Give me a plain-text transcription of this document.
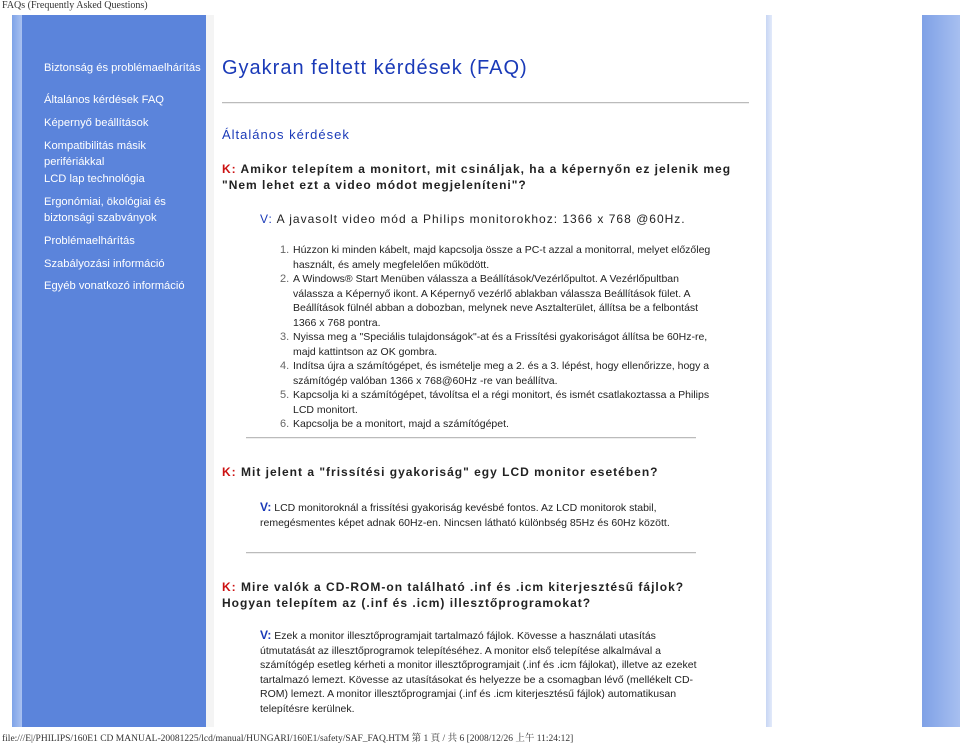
FAQs (Frequently Asked Questions)
Biztonság és problémaelhárítás
Általános kérdések FAQ
Képernyő beállítások
Kompatibilitás másik perifériákkal
LCD lap technológia
Ergonómiai, ökológiai és biztonsági szabványok
Problémaelhárítás
Szabályozási információ
Egyéb vonatkozó információ
Gyakran feltett kérdések (FAQ)
Általános kérdések
K: Amikor telepítem a monitort, mit csináljak, ha a képernyőn ez jelenik meg "Nem lehet ezt a video módot megjeleníteni"?
V: A javasolt video mód a Philips monitorokhoz: 1366 x 768 @60Hz.
1. Húzzon ki minden kábelt, majd kapcsolja össze a PC-t azzal a monitorral, melyet előzőleg használt, és amely megfelelően működött.
2. A Windows® Start Menüben válassza a Beállítások/Vezérlőpultot. A Vezérlőpultban válassza a Képernyő ikont. A Képernyő vezérlő ablakban válassza Beállítások fület. A Beállítások fülnél abban a dobozban, melynek neve Asztalterület, állítsa be a felbontást 1366 x 768 pontra.
3. Nyissa meg a "Speciális tulajdonságok"-at és a Frissítési gyakoriságot állítsa be 60Hz-re, majd kattintson az OK gombra.
4. Indítsa újra a számítógépet, és ismételje meg a 2. és a 3. lépést, hogy ellenőrizze, hogy a számítógép valóban 1366 x 768@60Hz -re van beállítva.
5. Kapcsolja ki a számítógépet, távolítsa el a régi monitort, és ismét csatlakoztassa a Philips LCD monitort.
6. Kapcsolja be a monitort, majd a számítógépet.
K: Mit jelent a "frissítési gyakoriság" egy LCD monitor esetében?
V: LCD monitoroknál a frissítési gyakoriság kevésbé fontos. Az LCD monitorok stabil, remegésmentes képet adnak 60Hz-en. Nincsen látható különbség 85Hz és 60Hz között.
K: Mire valók a CD-ROM-on található .inf és .icm kiterjesztésű fájlok? Hogyan telepítem az (.inf és .icm) illesztőprogramokat?
V: Ezek a monitor illesztőprogramjait tartalmazó fájlok. Kövesse a használati utasítás útmutatását az illesztőprogramok telepítéséhez. A monitor első telepítése alkalmával a számítógép esetleg kérheti a monitor illesztőprogramjait (.inf és .icm fájlokat), illetve az ezeket tartalmazó lemezt. Kövesse az utasításokat és helyezze be a csomagban lévő (mellékelt CD-ROM) lemezt. A monitor illesztőprogramjai (.inf és .icm kiterjesztésű fájlok) automatikusan telepítésre kerülnek.
file:///E|/PHILIPS/160E1 CD MANUAL-20081225/lcd/manual/HUNGARI/160E1/safety/SAF_FAQ.HTM 第 1 頁 / 共 6 [2008/12/26 上午 11:24:12]
